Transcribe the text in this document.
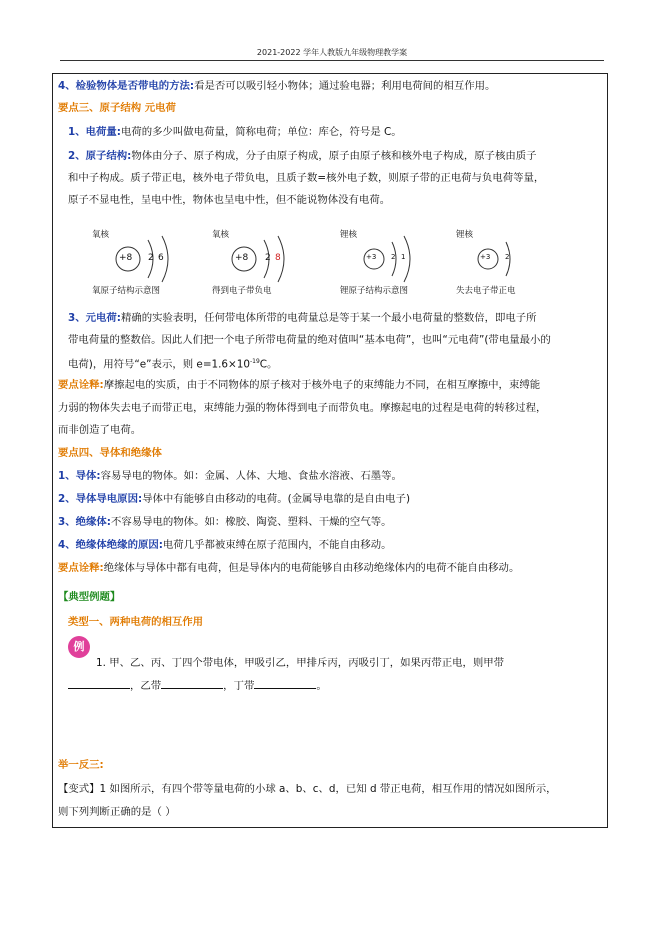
2021-2022 学年人教版九年级物理教学案
4、检验物体是否带电的方法:看是否可以吸引轻小物体；通过验电器；利用电荷间的相互作用。
要点三、原子结构 元电荷
1、电荷量:电荷的多少叫做电荷量，简称电荷；单位：库仑，符号是 C。
2、原子结构:物体由分子、原子构成，分子由原子构成，原子由原子核和核外电子构成，原子核由质子
和中子构成。质子带正电，核外电子带负电，且质子数=核外电子数，则原子带的正电荷与负电荷等量，
原子不显电性，呈电中性，物体也呈电中性，但不能说物体没有电荷。
氧核
+8 2 6
氧原子结构示意图
氧核
+8 2 8
得到电子带负电
锂核
+3 2 1
锂原子结构示意图
锂核
+3 2
失去电子带正电
3、元电荷:精确的实验表明，任何带电体所带的电荷量总是等于某一个最小电荷量的整数倍，即电子所
带电荷量的整数倍。因此人们把一个电子所带电荷量的绝对值叫“基本电荷”，也叫“元电荷”(带电量最小的
电荷)，用符号“e”表示，则 $e=1.6\times 10^{-19}C$。
要点诠释:摩擦起电的实质，由于不同物体的原子核对于核外电子的束缚能力不同，在相互摩擦中，束缚能
力弱的物体失去电子而带正电，束缚能力强的物体得到电子而带负电。摩擦起电的过程是电荷的转移过程，
而非创造了电荷。
要点四、导体和绝缘体
1、导体:容易导电的物体。如：金属、人体、大地、食盐水溶液、石墨等。
2、导体导电原因:导体中有能够自由移动的电荷。(金属导电靠的是自由电子)
3、绝缘体:不容易导电的物体。如：橡胶、陶瓷、塑料、干燥的空气等。
4、绝缘体绝缘的原因:电荷几乎都被束缚在原子范围内，不能自由移动。
要点诠释:绝缘体与导体中都有电荷，但是导体内的电荷能够自由移动绝缘体内的电荷不能自由移动。
【典型例题】
类型一、两种电荷的相互作用
例
1. 甲、乙、丙、丁四个带电体，甲吸引乙，甲排斥丙，丙吸引丁，如果丙带正电，则甲带
，乙带	，丁带	。
举一反三:
【变式】1 如图所示，有四个带等量电荷的小球 a、b、c、d，已知 d 带正电荷，相互作用的情况如图所示，
则下列判断正确的是（ ）
